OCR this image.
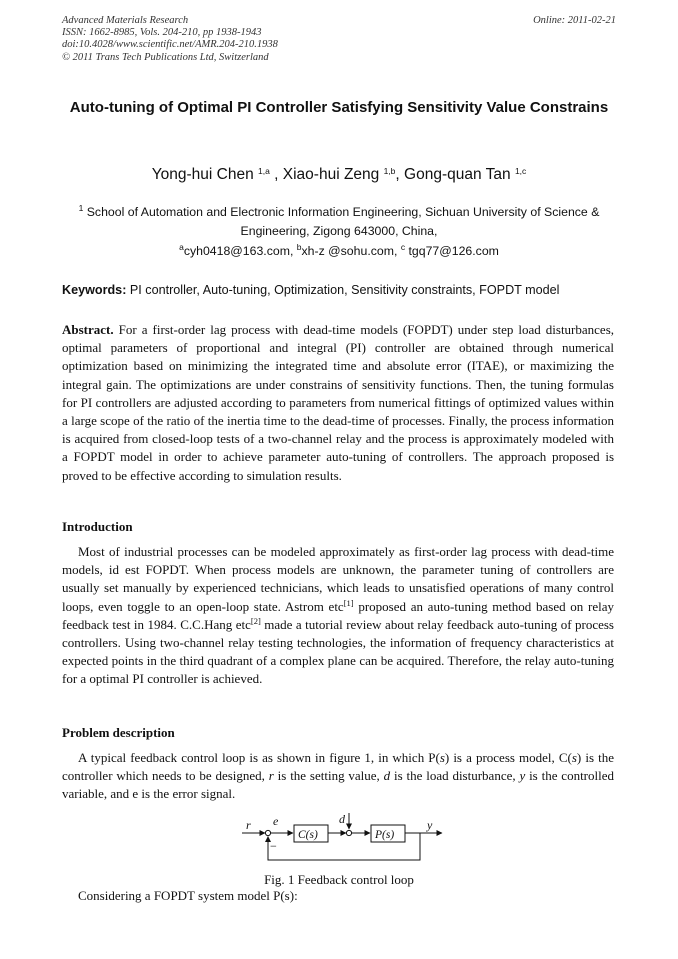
Advanced Materials Research
ISSN: 1662-8985, Vols. 204-210, pp 1938-1943
doi:10.4028/www.scientific.net/AMR.204-210.1938
© 2011 Trans Tech Publications Ltd, Switzerland
Online: 2011-02-21
Auto-tuning of Optimal PI Controller Satisfying Sensitivity Value Constrains
Yong-hui Chen $^{1,a}$ , Xiao-hui Zeng $^{1,b}$, Gong-quan Tan $^{1,c}$
$^1$ School of Automation and Electronic Information Engineering, Sichuan University of Science & Engineering, Zigong 643000, China,
$^a$cyh0418@163.com, $^b$xh-z @sohu.com, $^c$ tgq77@126.com
Keywords: PI controller, Auto-tuning, Optimization, Sensitivity constraints, FOPDT model
Abstract. For a first-order lag process with dead-time models (FOPDT) under step load disturbances, optimal parameters of proportional and integral (PI) controller are obtained through numerical optimization based on minimizing the integrated time and absolute error (ITAE), or maximizing the integral gain. The optimizations are under constrains of sensitivity functions. Then, the tuning formulas for PI controllers are adjusted according to parameters from numerical fittings of optimized values within a large scope of the ratio of the inertia time to the dead-time of processes. Finally, the process information is acquired from closed-loop tests of a two-channel relay and the process is approximately modeled with a FOPDT model in order to achieve parameter auto-tuning of controllers. The approach proposed is proved to be effective according to simulation results.
Introduction
Most of industrial processes can be modeled approximately as first-order lag process with dead-time models, id est FOPDT. When process models are unknown, the parameter tuning of controllers are usually set manually by experienced technicians, which leads to unsatisfied operations of many control loops, even toggle to an open-loop state. Astrom etc[1] proposed an auto-tuning method based on relay feedback test in 1984. C.C.Hang etc[2] made a tutorial review about relay feedback auto-tuning of process controllers. Using two-channel relay testing technologies, the information of frequency characteristics at expected points in the third quadrant of a complex plane can be acquired. Therefore, the relay auto-tuning for a optimal PI controller is achieved.
Problem description
A typical feedback control loop is as shown in figure 1, in which P(s) is a process model, C(s) is the controller which needs to be designed, r is the setting value, d is the load disturbance, y is the controlled variable, and e is the error signal.
r e	d	y
C(s)	P(s)
−
Fig. 1 Feedback control loop
Considering a FOPDT system model P(s):
